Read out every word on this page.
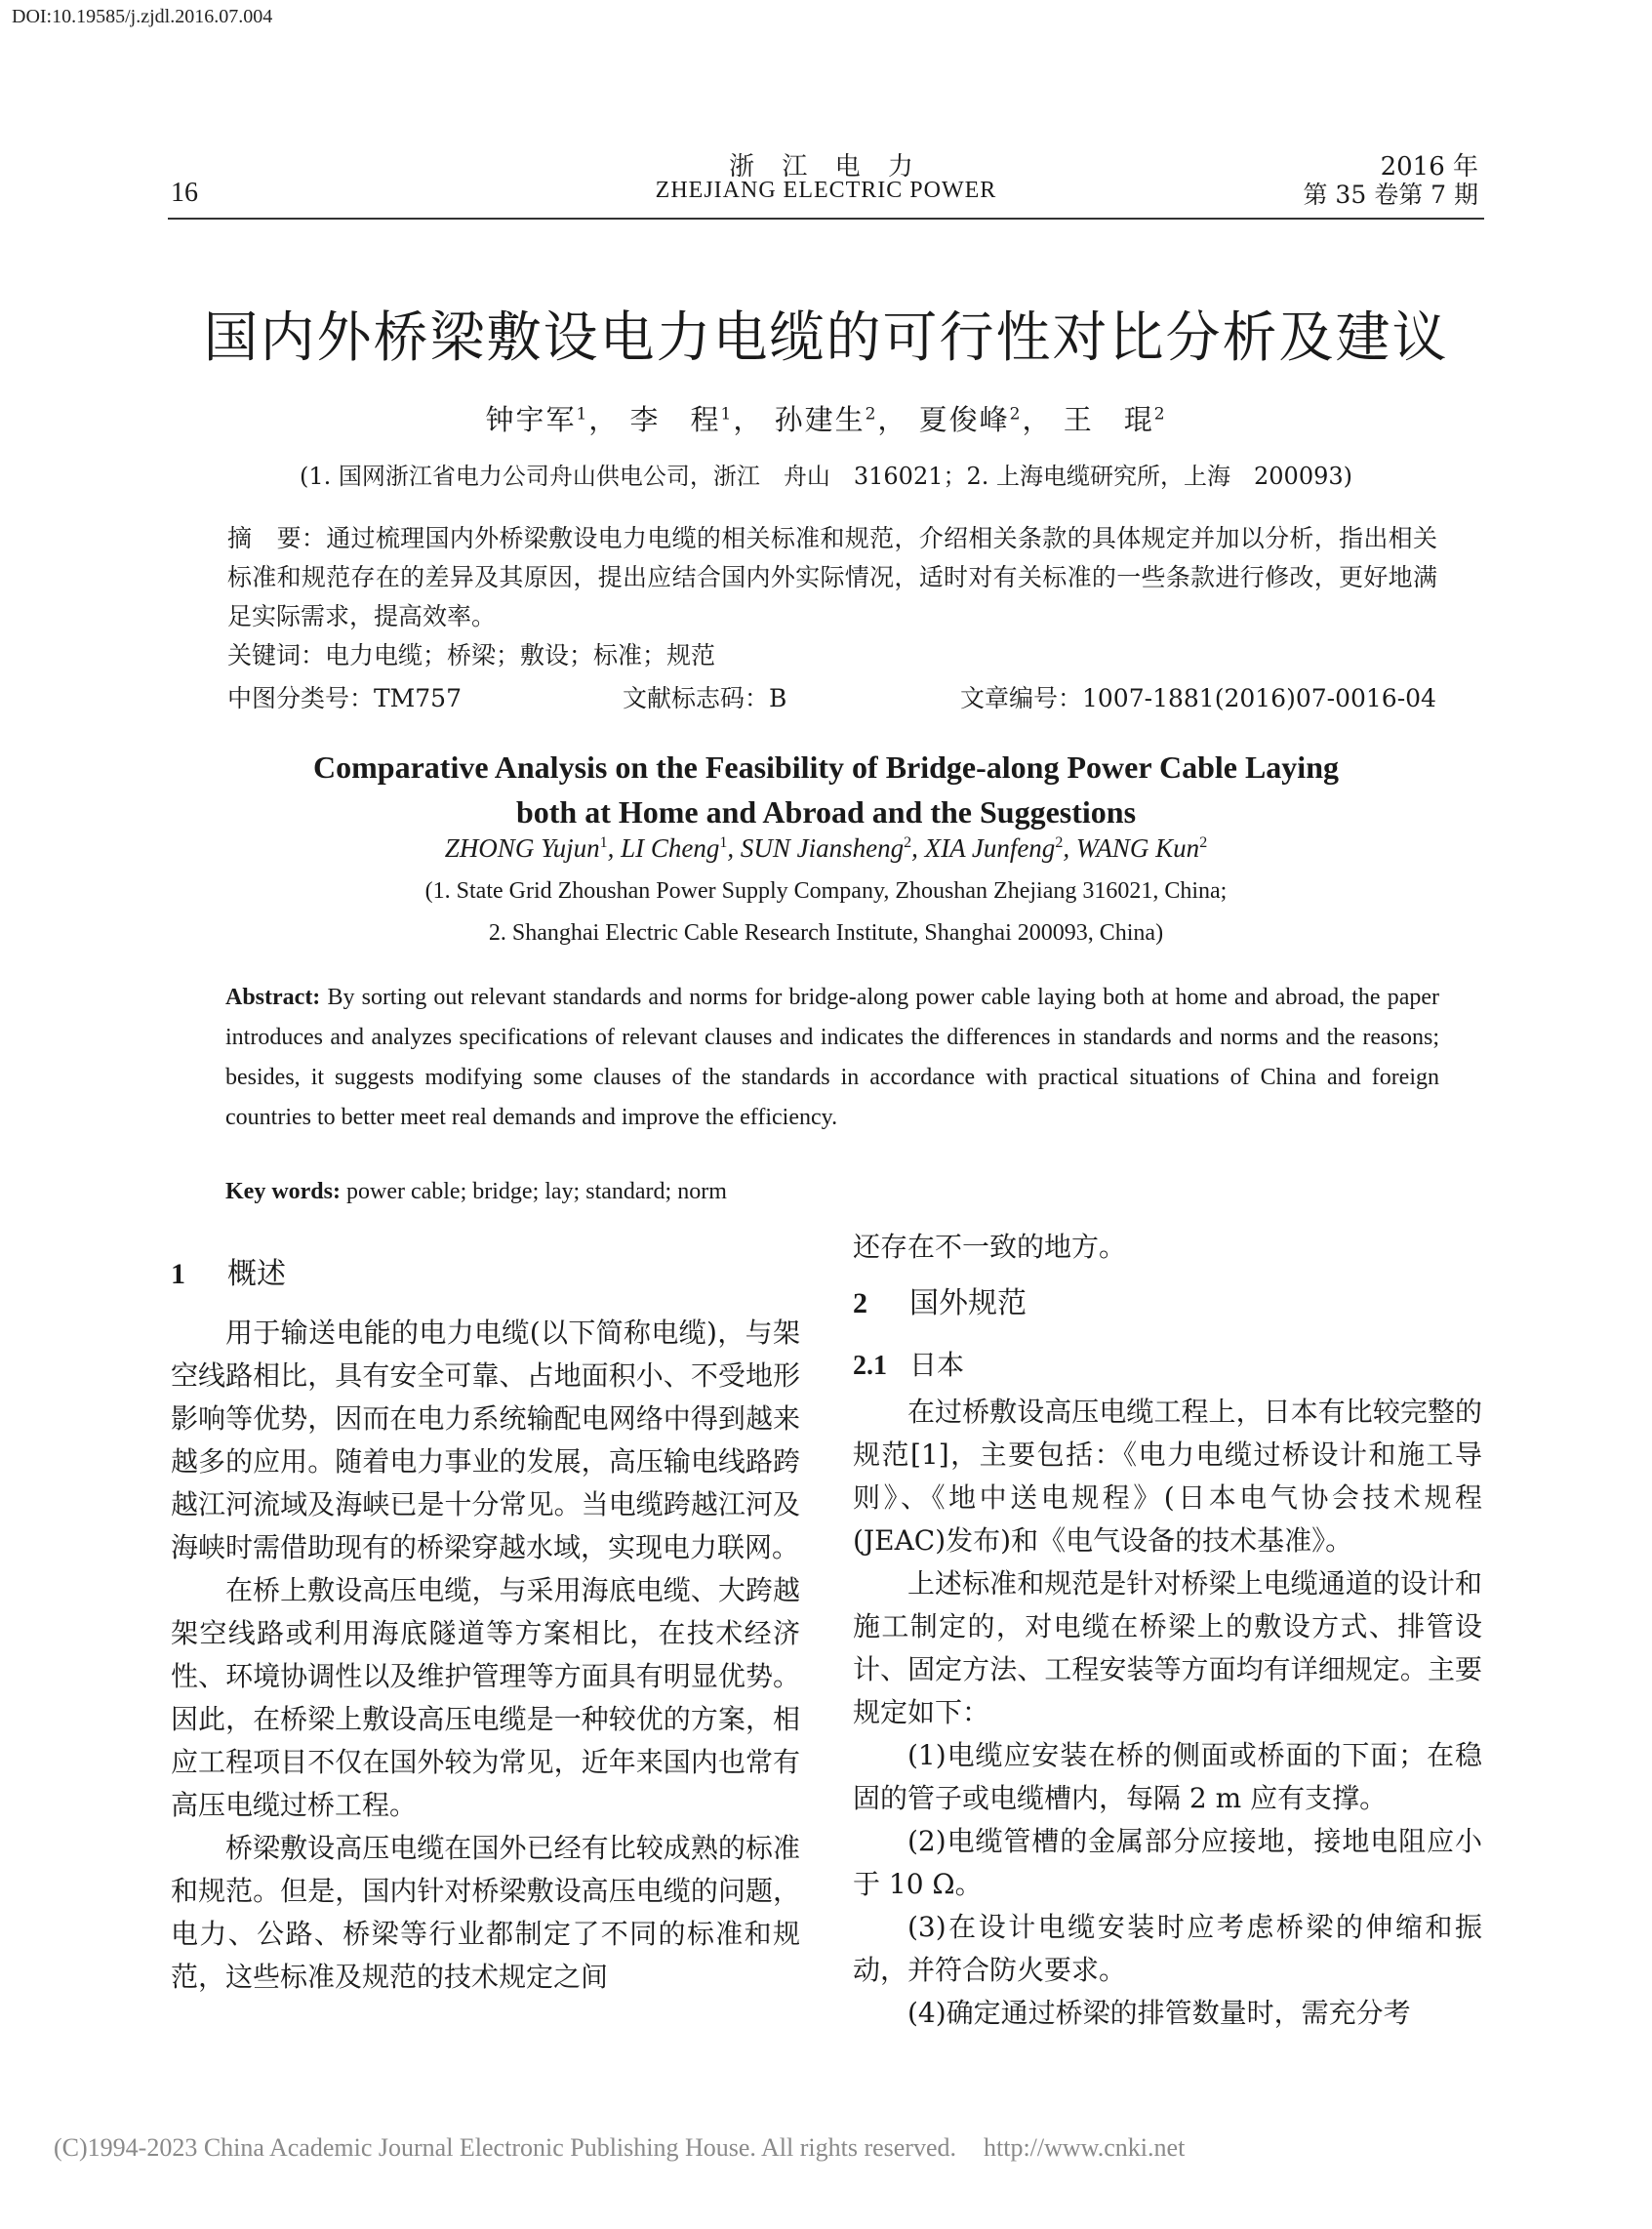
DOI:10.19585/j.zjdl.2016.07.004
16
浙 江 电 力
ZHEJIANG ELECTRIC POWER
2016 年
第 35 卷第 7 期
国内外桥梁敷设电力电缆的可行性对比分析及建议
钟宇军$^1$， 李　程$^1$， 孙建生$^2$， 夏俊峰$^2$， 王　琨$^2$
(1. 国网浙江省电力公司舟山供电公司，浙江　舟山　316021；2. 上海电缆研究所，上海　200093)
摘　要：通过梳理国内外桥梁敷设电力电缆的相关标准和规范，介绍相关条款的具体规定并加以分析，指出相关标准和规范存在的差异及其原因，提出应结合国内外实际情况，适时对有关标准的一些条款进行修改，更好地满足实际需求，提高效率。
关键词：电力电缆；桥梁；敷设；标准；规范
中图分类号：TM757	文献标志码：B	文章编号：1007-1881(2016)07-0016-04
Comparative Analysis on the Feasibility of Bridge-along Power Cable Laying
both at Home and Abroad and the Suggestions
ZHONG Yujun$^1$, LI Cheng$^1$, SUN Jiansheng$^2$, XIA Junfeng$^2$, WANG Kun$^2$
(1. State Grid Zhoushan Power Supply Company, Zhoushan Zhejiang 316021, China;
2. Shanghai Electric Cable Research Institute, Shanghai 200093, China)
Abstract: By sorting out relevant standards and norms for bridge-along power cable laying both at home and abroad, the paper introduces and analyzes specifications of relevant clauses and indicates the differences in standards and norms and the reasons; besides, it suggests modifying some clauses of the standards in accordance with practical situations of China and foreign countries to better meet real demands and improve the efficiency.
Key words: power cable; bridge; lay; standard; norm
1 概述

用于输送电能的电力电缆(以下简称电缆)，与架空线路相比，具有安全可靠、占地面积小、不受地形影响等优势，因而在电力系统输配电网络中得到越来越多的应用。随着电力事业的发展，高压输电线路跨越江河流域及海峡已是十分常见。当电缆跨越江河及海峡时需借助现有的桥梁穿越水域，实现电力联网。

在桥上敷设高压电缆，与采用海底电缆、大跨越架空线路或利用海底隧道等方案相比，在技术经济性、环境协调性以及维护管理等方面具有明显优势。因此，在桥梁上敷设高压电缆是一种较优的方案，相应工程项目不仅在国外较为常见，近年来国内也常有高压电缆过桥工程。

桥梁敷设高压电缆在国外已经有比较成熟的标准和规范。但是，国内针对桥梁敷设高压电缆的问题，电力、公路、桥梁等行业都制定了不同的标准和规范，这些标准及规范的技术规定之间

还存在不一致的地方。

2 国外规范
2.1 日本

在过桥敷设高压电缆工程上，日本有比较完整的规范[1]，主要包括：《电力电缆过桥设计和施工导则》、《地中送电规程》(日本电气协会技术规程(JEAC)发布)和《电气设备的技术基准》。

上述标准和规范是针对桥梁上电缆通道的设计和施工制定的，对电缆在桥梁上的敷设方式、排管设计、固定方法、工程安装等方面均有详细规定。主要规定如下：

(1)电缆应安装在桥的侧面或桥面的下面；在稳固的管子或电缆槽内，每隔 2 m 应有支撑。

(2)电缆管槽的金属部分应接地，接地电阻应小于 10 Ω。

(3)在设计电缆安装时应考虑桥梁的伸缩和振动，并符合防火要求。

(4)确定通过桥梁的排管数量时，需充分考

(C)1994-2023 China Academic Journal Electronic Publishing House. All rights reserved. http://www.cnki.net
